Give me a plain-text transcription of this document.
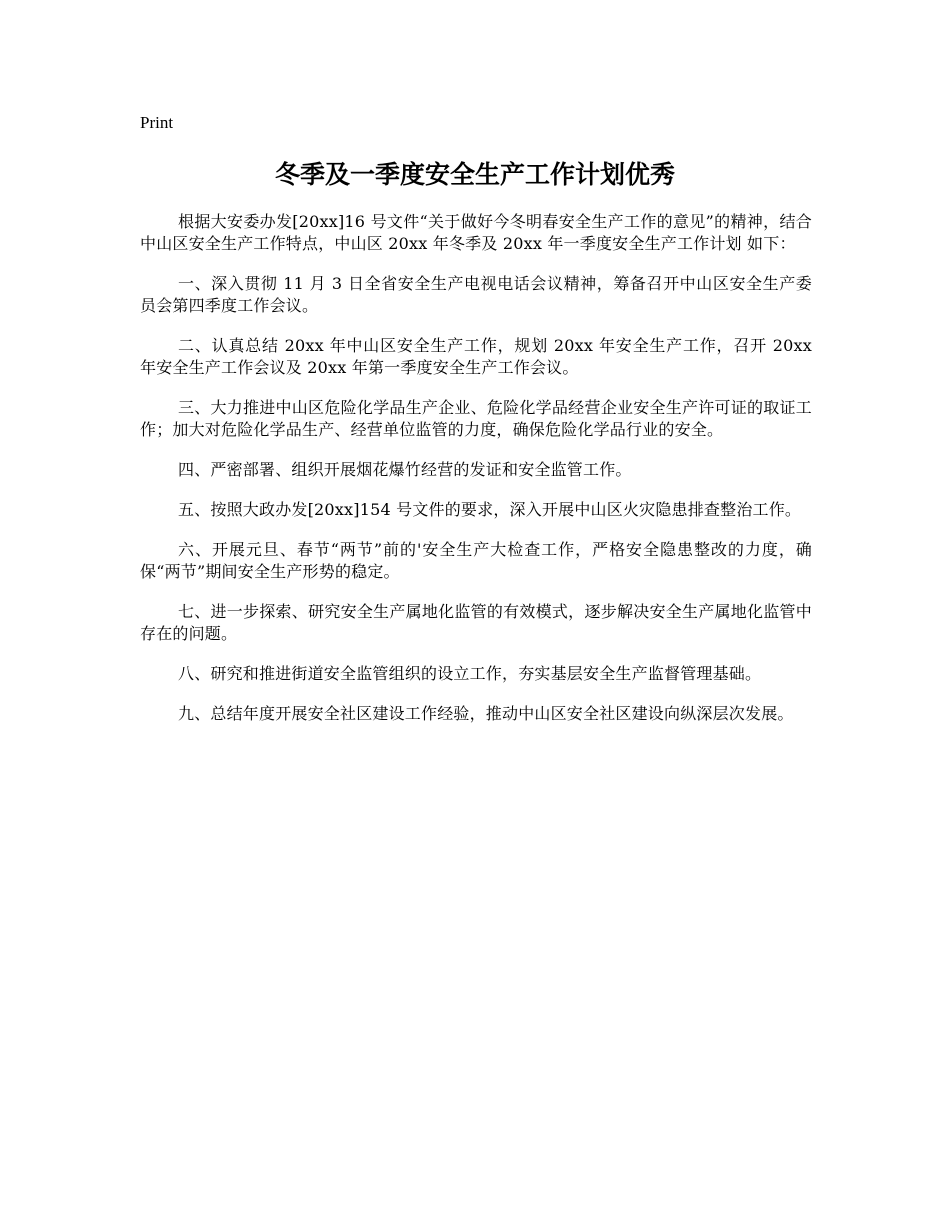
Print
冬季及一季度安全生产工作计划优秀

根据大安委办发[20xx]16 号文件“关于做好今冬明春安全生产工作的意见”的精神，结合中山区安全生产工作特点，中山区 20xx 年冬季及 20xx 年一季度安全生产工作计划 如下：

一、深入贯彻 11 月 3 日全省安全生产电视电话会议精神，筹备召开中山区安全生产委员会第四季度工作会议。

二、认真总结 20xx 年中山区安全生产工作，规划 20xx 年安全生产工作，召开 20xx 年安全生产工作会议及 20xx 年第一季度安全生产工作会议。

三、大力推进中山区危险化学品生产企业、危险化学品经营企业安全生产许可证的取证工作；加大对危险化学品生产、经营单位监管的力度，确保危险化学品行业的安全。

四、严密部署、组织开展烟花爆竹经营的发证和安全监管工作。

五、按照大政办发[20xx]154 号文件的要求，深入开展中山区火灾隐患排查整治工作。

六、开展元旦、春节“两节”前的'安全生产大检查工作，严格安全隐患整改的力度，确保“两节”期间安全生产形势的稳定。

七、进一步探索、研究安全生产属地化监管的有效模式，逐步解决安全生产属地化监管中存在的问题。

八、研究和推进街道安全监管组织的设立工作，夯实基层安全生产监督管理基础。

九、总结年度开展安全社区建设工作经验，推动中山区安全社区建设向纵深层次发展。
